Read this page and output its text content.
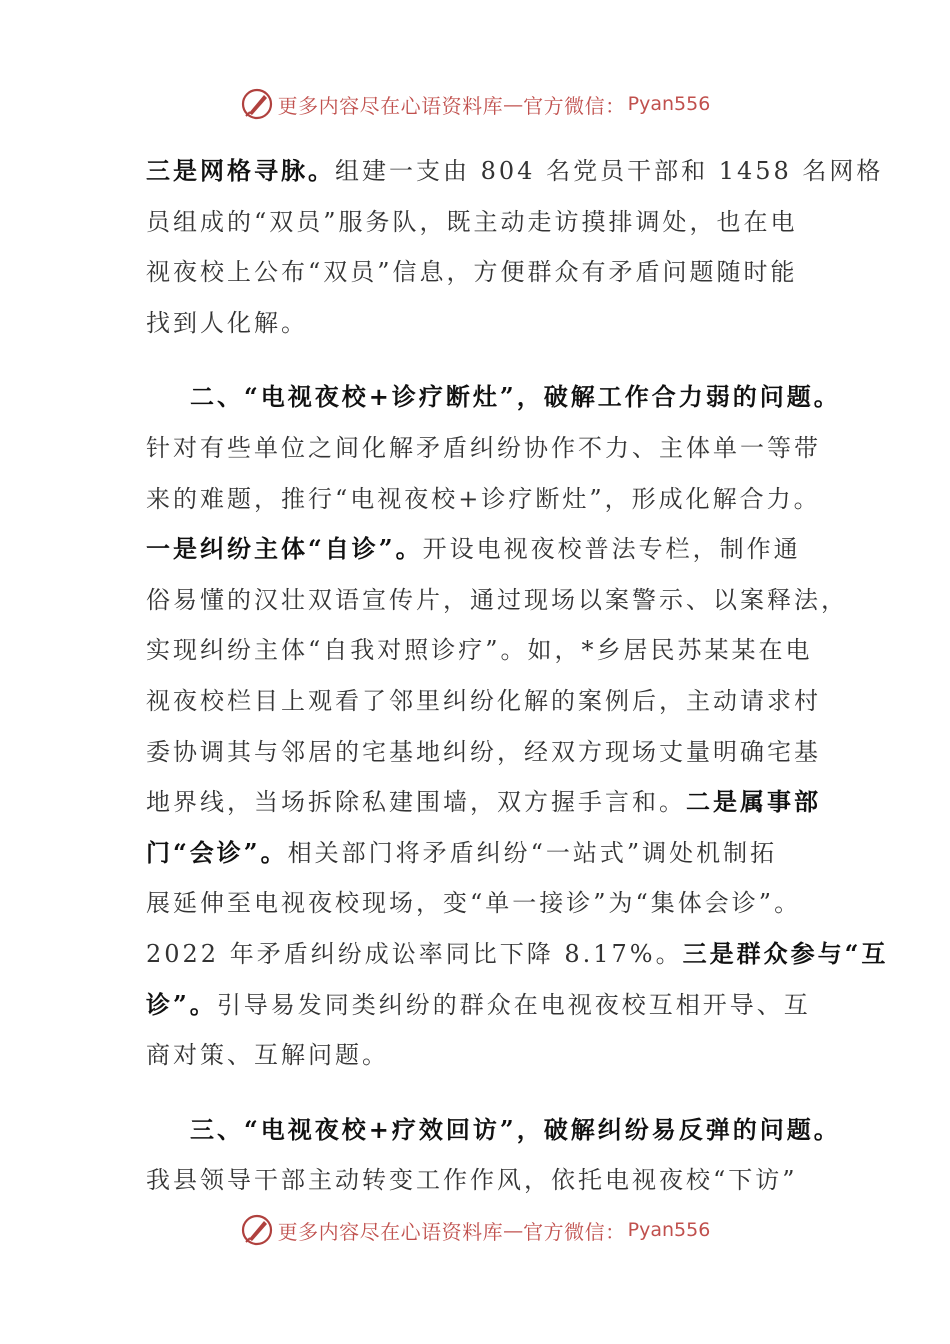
更多内容尽在心语资料库 — 官方微信： Pyan556
三是网格寻脉。组建一支由 804 名党员干部和 1458 名网格
员组成的“双员”服务队，既主动走访摸排调处，也在电
视夜校上公布“双员”信息，方便群众有矛盾问题随时能
找到人化解。
二、“电视夜校+诊疗断灶”，破解工作合力弱的问题。
针对有些单位之间化解矛盾纠纷协作不力、主体单一等带
来的难题，推行“电视夜校+诊疗断灶”，形成化解合力。
一是纠纷主体“自诊”。开设电视夜校普法专栏，制作通
俗易懂的汉壮双语宣传片，通过现场以案警示、以案释法，
实现纠纷主体“自我对照诊疗”。如，*乡居民苏某某在电
视夜校栏目上观看了邻里纠纷化解的案例后，主动请求村
委协调其与邻居的宅基地纠纷，经双方现场丈量明确宅基
地界线，当场拆除私建围墙，双方握手言和。二是属事部
门“会诊”。相关部门将矛盾纠纷“一站式”调处机制拓
展延伸至电视夜校现场，变“单一接诊”为“集体会诊”。
2022 年矛盾纠纷成讼率同比下降 8.17%。三是群众参与“互
诊”。引导易发同类纠纷的群众在电视夜校互相开导、互
商对策、互解问题。
三、“电视夜校+疗效回访”，破解纠纷易反弹的问题。
我县领导干部主动转变工作作风，依托电视夜校“下访”
更多内容尽在心语资料库 — 官方微信： Pyan556
